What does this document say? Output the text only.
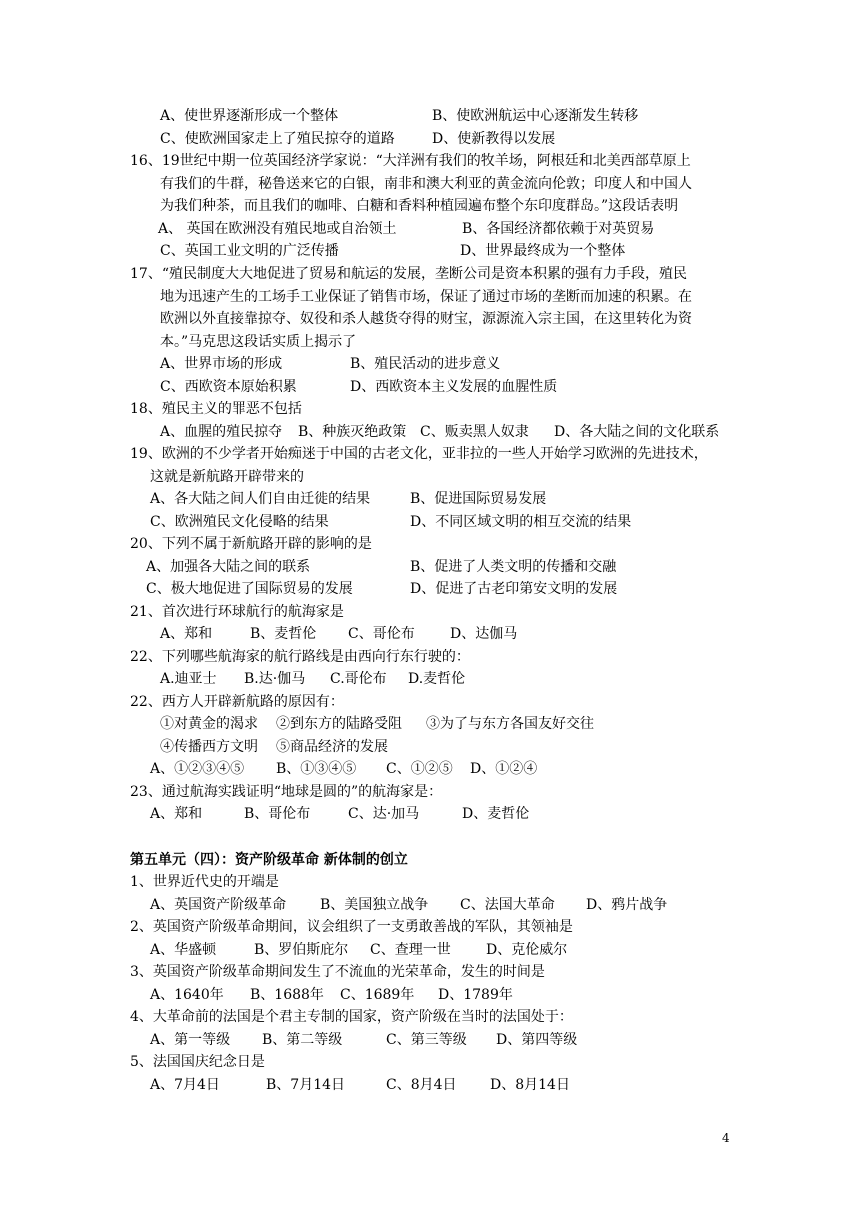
A、使世界逐渐形成一个整体	B、使欧洲航运中心逐渐发生转移
C、使欧洲国家走上了殖民掠夺的道路	D、使新教得以发展
16、19世纪中期一位英国经济学家说：“大洋洲有我们的牧羊场，阿根廷和北美西部草原上
有我们的牛群，秘鲁送来它的白银，南非和澳大利亚的黄金流向伦敦；印度人和中国人
为我们种茶，而且我们的咖啡、白糖和香料种植园遍布整个东印度群岛。”这段话表明
A、 英国在欧洲没有殖民地或自治领土	B、各国经济都依赖于对英贸易
C、英国工业文明的广泛传播	D、世界最终成为一个整体
17、“殖民制度大大地促进了贸易和航运的发展，垄断公司是资本积累的强有力手段，殖民
地为迅速产生的工场手工业保证了销售市场，保证了通过市场的垄断而加速的积累。在
欧洲以外直接靠掠夺、奴役和杀人越货夺得的财宝，源源流入宗主国，在这里转化为资
本。”马克思这段话实质上揭示了
A、世界市场的形成	B、殖民活动的进步意义
C、西欧资本原始积累	D、西欧资本主义发展的血腥性质
18、殖民主义的罪恶不包括
A、血腥的殖民掠夺 B、种族灭绝政策 C、贩卖黑人奴隶 D、各大陆之间的文化联系
19、欧洲的不少学者开始痴迷于中国的古老文化，亚非拉的一些人开始学习欧洲的先进技术，
这就是新航路开辟带来的
A、各大陆之间人们自由迁徙的结果	B、促进国际贸易发展
C、欧洲殖民文化侵略的结果	D、不同区域文明的相互交流的结果
20、下列不属于新航路开辟的影响的是
A、加强各大陆之间的联系	B、促进了人类文明的传播和交融
C、极大地促进了国际贸易的发展	D、促进了古老印第安文明的发展
21、首次进行环球航行的航海家是
A、郑和	B、麦哲伦 C、哥伦布	D、达伽马
22、下列哪些航海家的航行路线是由西向行东行驶的：
A.迪亚士 B.达·伽马 C.哥伦布 D.麦哲伦
22、西方人开辟新航路的原因有：
①对黄金的渴求 ②到东方的陆路受阻 ③为了与东方各国友好交往
④传播西方文明 ⑤商品经济的发展
A、①②③④⑤ B、①③④⑤ C、①②⑤ D、①②④
23、通过航海实践证明“地球是圆的”的航海家是：
A、郑和	B、哥伦布	C、达·加马	D、麦哲伦
第五单元（四）：资产阶级革命 新体制的创立
1、世界近代史的开端是
A、英国资产阶级革命 B、美国独立战争 C、法国大革命 D、鸦片战争
2、英国资产阶级革命期间，议会组织了一支勇敢善战的军队，其领袖是
A、华盛顿	B、罗伯斯庇尔 C、查理一世	D、克伦威尔
3、英国资产阶级革命期间发生了不流血的光荣革命，发生的时间是
A、1640年 B、1688年 C、1689年 D、1789年
4、大革命前的法国是个君主专制的国家，资产阶级在当时的法国处于：
A、第一等级 B、第二等级	C、第三等级 D、第四等级
5、法国国庆纪念日是
A、7月4日	B、7月14日	C、8月4日 D、8月14日
4
